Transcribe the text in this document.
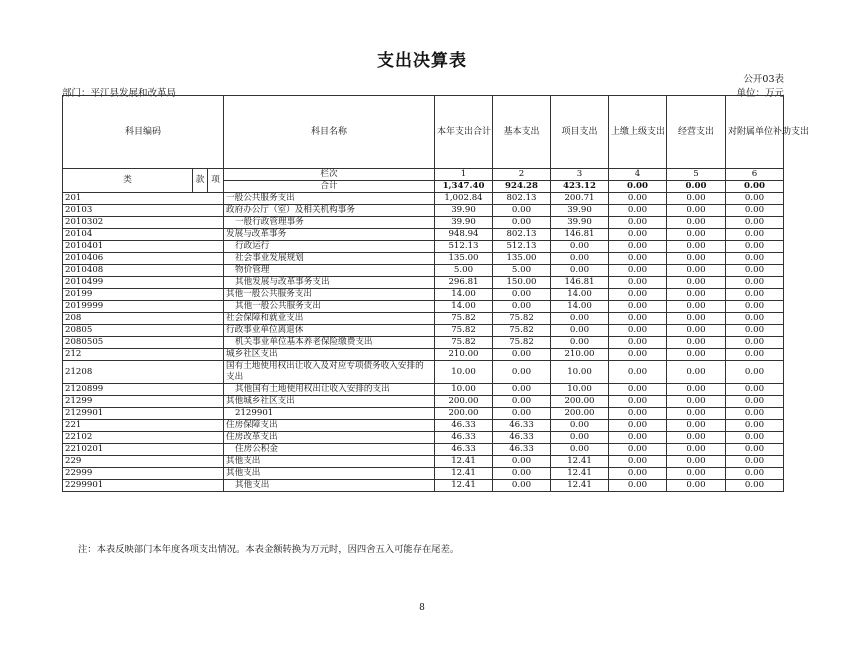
支出决算表
公开03表
部门：平江县发展和改革局	单位：万元
科目编码			科目名称	本年支出合计	基本支出	项目支出	上缴上级支出	经营支出	对附属单位补助支出
类	款	项	栏次	1	2	3	4	5	6
			合计	1,347.40	924.28	423.12	0.00	0.00	0.00
201			一般公共服务支出	1,002.84	802.13	200.71	0.00	0.00	0.00
20103			政府办公厅（室）及相关机构事务	39.90	0.00	39.90	0.00	0.00	0.00
2010302			一般行政管理事务	39.90	0.00	39.90	0.00	0.00	0.00
20104			发展与改革事务	948.94	802.13	146.81	0.00	0.00	0.00
2010401			行政运行	512.13	512.13	0.00	0.00	0.00	0.00
2010406			社会事业发展规划	135.00	135.00	0.00	0.00	0.00	0.00
2010408			物价管理	5.00	5.00	0.00	0.00	0.00	0.00
2010499			其他发展与改革事务支出	296.81	150.00	146.81	0.00	0.00	0.00
20199			其他一般公共服务支出	14.00	0.00	14.00	0.00	0.00	0.00
2019999			其他一般公共服务支出	14.00	0.00	14.00	0.00	0.00	0.00
208			社会保障和就业支出	75.82	75.82	0.00	0.00	0.00	0.00
20805			行政事业单位离退休	75.82	75.82	0.00	0.00	0.00	0.00
2080505			机关事业单位基本养老保险缴费支出	75.82	75.82	0.00	0.00	0.00	0.00
212			城乡社区支出	210.00	0.00	210.00	0.00	0.00	0.00
21208			国有土地使用权出让收入及对应专项债务收入安排的支出	10.00	0.00	10.00	0.00	0.00	0.00
2120899			其他国有土地使用权出让收入安排的支出	10.00	0.00	10.00	0.00	0.00	0.00
21299			其他城乡社区支出	200.00	0.00	200.00	0.00	0.00	0.00
2129901			2129901	200.00	0.00	200.00	0.00	0.00	0.00
221			住房保障支出	46.33	46.33	0.00	0.00	0.00	0.00
22102			住房改革支出	46.33	46.33	0.00	0.00	0.00	0.00
2210201			住房公积金	46.33	46.33	0.00	0.00	0.00	0.00
229			其他支出	12.41	0.00	12.41	0.00	0.00	0.00
22999			其他支出	12.41	0.00	12.41	0.00	0.00	0.00
2299901			其他支出	12.41	0.00	12.41	0.00	0.00	0.00
注：本表反映部门本年度各项支出情况。本表金额转换为万元时，因四舍五入可能存在尾差。
8
